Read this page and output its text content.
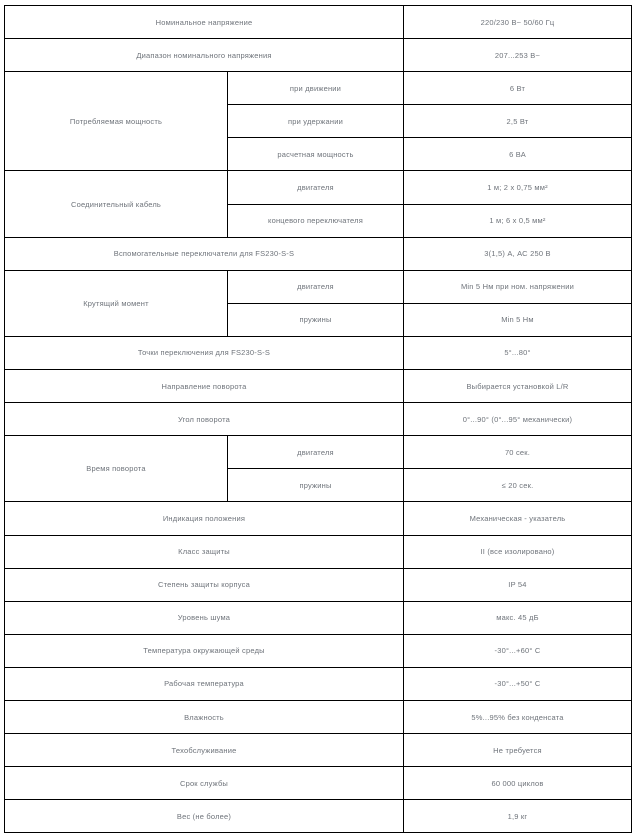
Номинальное напряжение		220/230 В~ 50/60 Гц
Диапазон номинального напряжения		207...253 В~
Потребляемая мощность	при движении	6 Вт
	при удержании	2,5 Вт
	расчетная мощность	6 ВА
Соединительный кабель	двигателя	1 м; 2 х 0,75 мм²
	концевого переключателя	1 м; 6 х 0,5 мм²
Вспомогательные переключатели для FS230-S-S		3(1,5) А, АС 250 В
Крутящий момент	двигателя	Min 5 Нм при ном. напряжении
	пружины	Min 5 Нм
Точки переключения для FS230-S-S		5°...80°
Направление поворота		Выбирается установкой L/R
Угол поворота		0°...90° (0°...95° механически)
Время поворота	двигателя	70 сек.
	пружины	≤ 20 сек.
Индикация положения		Механическая - указатель
Класс защиты		II (все изолировано)
Степень защиты корпуса		IP 54
Уровень шума		макс. 45 дБ
Температура окружающей среды		-30°...+60° C
Рабочая температура		-30°...+50° C
Влажность		5%...95% без конденсата
Техобслуживание		Не требуется
Срок службы		60 000 циклов
Вес (не более)		1,9 кг
